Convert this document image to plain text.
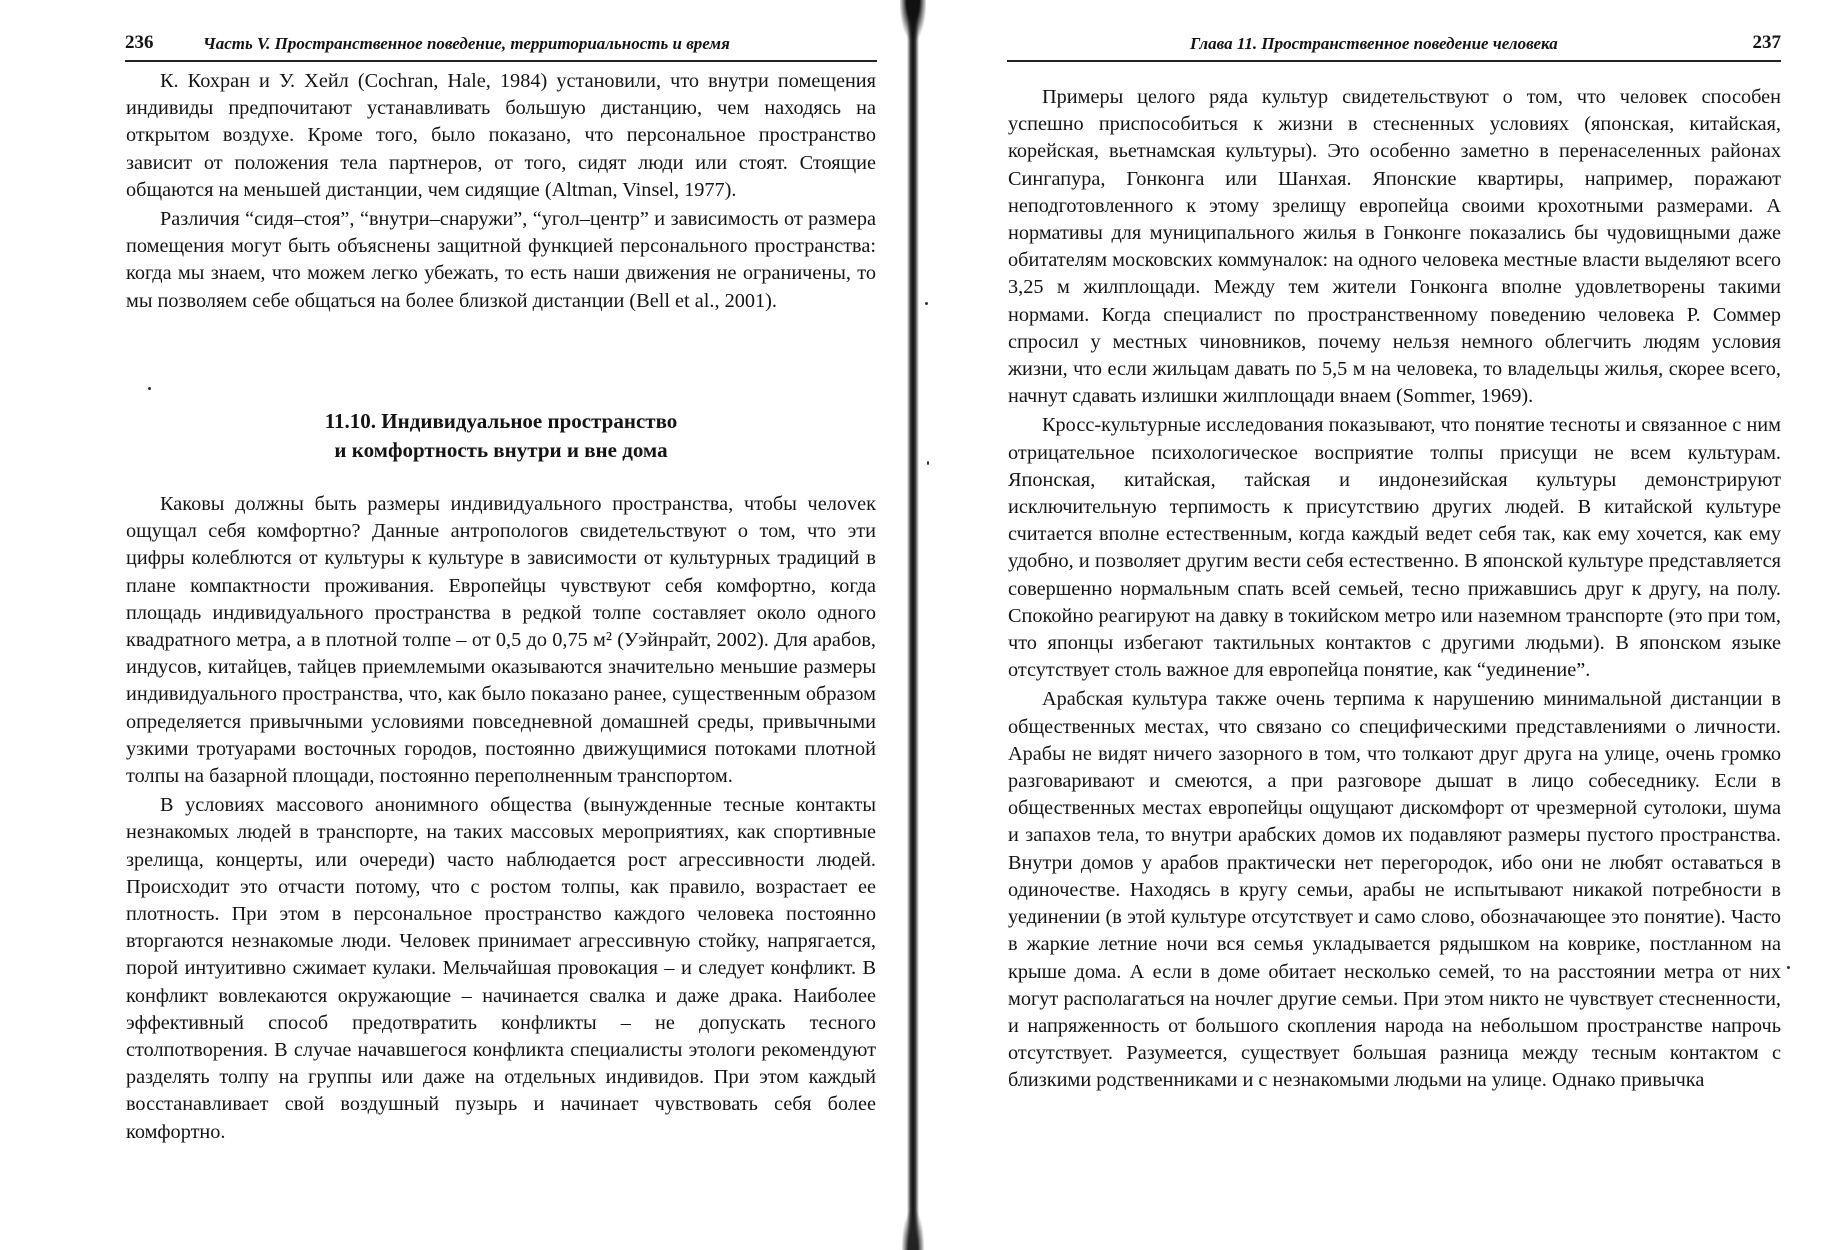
236	Часть V. Пространственное поведение, территориальность и время

К. Кохран и У. Хейл (Cochran, Hale, 1984) установили, что внутри помещения индивиды предпочитают устанавливать большую дистанцию, чем находясь на открытом воздухе. Кроме того, было показано, что персональное пространство зависит от положения тела партнеров, от того, сидят люди или стоят. Стоящие общаются на меньшей дистанции, чем сидящие (Altman, Vinsel, 1977).

Различия “сидя–стоя”, “внутри–снаружи”, “угол–центр” и зависимость от размера помещения могут быть объяснены защитной функцией персонального пространства: когда мы знаем, что можем легко убежать, то есть наши движения не ограничены, то мы позволяем себе общаться на более близкой дистанции (Bell et al., 2001).

11.10. Индивидуальное пространство
и комфортность внутри и вне дома

Каковы должны быть размеры индивидуального пространства, чтобы челоvек ощущал себя комфортно? Данные антропологов свидетельствуют о том, что эти цифры колеблются от культуры к культуре в зависимости от культурных традиций в плане компактности проживания. Европейцы чувствуют себя комфортно, когда площадь индивидуального пространства в редкой толпе составляет около одного квадратного метра, а в плотной толпе – от 0,5 до 0,75 м² (Уэйнрайт, 2002). Для арабов, индусов, китайцев, тайцев приемлемыми оказываются значительно меньшие размеры индивидуального пространства, что, как было показано ранее, существенным образом определяется привычными условиями повседневной домашней среды, привычными узкими тротуарами восточных городов, постоянно движущимися потоками плотной толпы на базарной площади, постоянно переполненным транспортом.

В условиях массового анонимного общества (вынужденные тесные контакты незнакомых людей в транспорте, на таких массовых мероприятиях, как спортивные зрелища, концерты, или очереди) часто наблюдается рост агрессивности людей. Происходит это отчасти потому, что с ростом толпы, как правило, возрастает ее плотность. При этом в персональное пространство каждого человека постоянно вторгаются незнакомые люди. Человек принимает агрессивную стойку, напрягается, порой интуитивно сжимает кулаки. Мельчайшая провокация – и следует конфликт. В конфликт вовлекаются окружающие – начинается свалка и даже драка. Наиболее эффективный способ предотвратить конфликты – не допускать тесного столпотворения. В случае начавшегося конфликта специалисты этологи рекомендуют разделять толпу на группы или даже на отдельных индивидов. При этом каждый восстанавливает свой воздушный пузырь и начинает чувствовать себя более комфортно.

Глава 11. Пространственное поведение человека	237

Примеры целого ряда культур свидетельствуют о том, что человек способен успешно приспособиться к жизни в стесненных условиях (японская, китайская, корейская, вьетнамская культуры). Это особенно заметно в перенаселенных районах Сингапура, Гонконга или Шанхая. Японские квартиры, например, поражают неподготовленного к этому зрелищу европейца своими крохотными размерами. А нормативы для муниципального жилья в Гонконге показались бы чудовищными даже обитателям московских коммуналок: на одного человека местные власти выделяют всего 3,25 м жилплощади. Между тем жители Гонконга вполне удовлетворены такими нормами. Когда специалист по пространственному поведению человека Р. Соммер спросил у местных чиновников, почему нельзя немного облегчить людям условия жизни, что если жильцам давать по 5,5 м на человека, то владельцы жилья, скорее всего, начнут сдавать излишки жилплощади внаем (Sommer, 1969).

Кросс-культурные исследования показывают, что понятие тесноты и связанное с ним отрицательное психологическое восприятие толпы присущи не всем культурам. Японская, китайская, тайская и индонезийская культуры демонстрируют исключительную терпимость к присутствию других людей. В китайской культуре считается вполне естественным, когда каждый ведет себя так, как ему хочется, как ему удобно, и позволяет другим вести себя естественно. В японской культуре представляется совершенно нормальным спать всей семьей, тесно прижавшись друг к другу, на полу. Спокойно реагируют на давку в токийском метро или наземном транспорте (это при том, что японцы избегают тактильных контактов с другими людьми). В японском языке отсутствует столь важное для европейца понятие, как “уединение”.

Арабская культура также очень терпима к нарушению минимальной дистанции в общественных местах, что связано со специфическими представлениями о личности. Арабы не видят ничего зазорного в том, что толкают друг друга на улице, очень громко разговаривают и смеются, а при разговоре дышат в лицо собеседнику. Если в общественных местах европейцы ощущают дискомфорт от чрезмерной сутолоки, шума и запахов тела, то внутри арабских домов их подавляют размеры пустого пространства. Внутри домов у арабов практически нет перегородок, ибо они не любят оставаться в одиночестве. Находясь в кругу семьи, арабы не испытывают никакой потребности в уединении (в этой культуре отсутствует и само слово, обозначающее это понятие). Часто в жаркие летние ночи вся семья укладывается рядышком на коврике, постланном на крыше дома. А если в доме обитает несколько семей, то на расстоянии метра от них могут располагаться на ночлег другие семьи. При этом никто не чувствует стесненности, и напряженность от большого скопления народа на небольшом пространстве напрочь отсутствует. Разумеется, существует большая разница между тесным контактом с близкими родственниками и с незнакомыми людьми на улице. Однако привычка
